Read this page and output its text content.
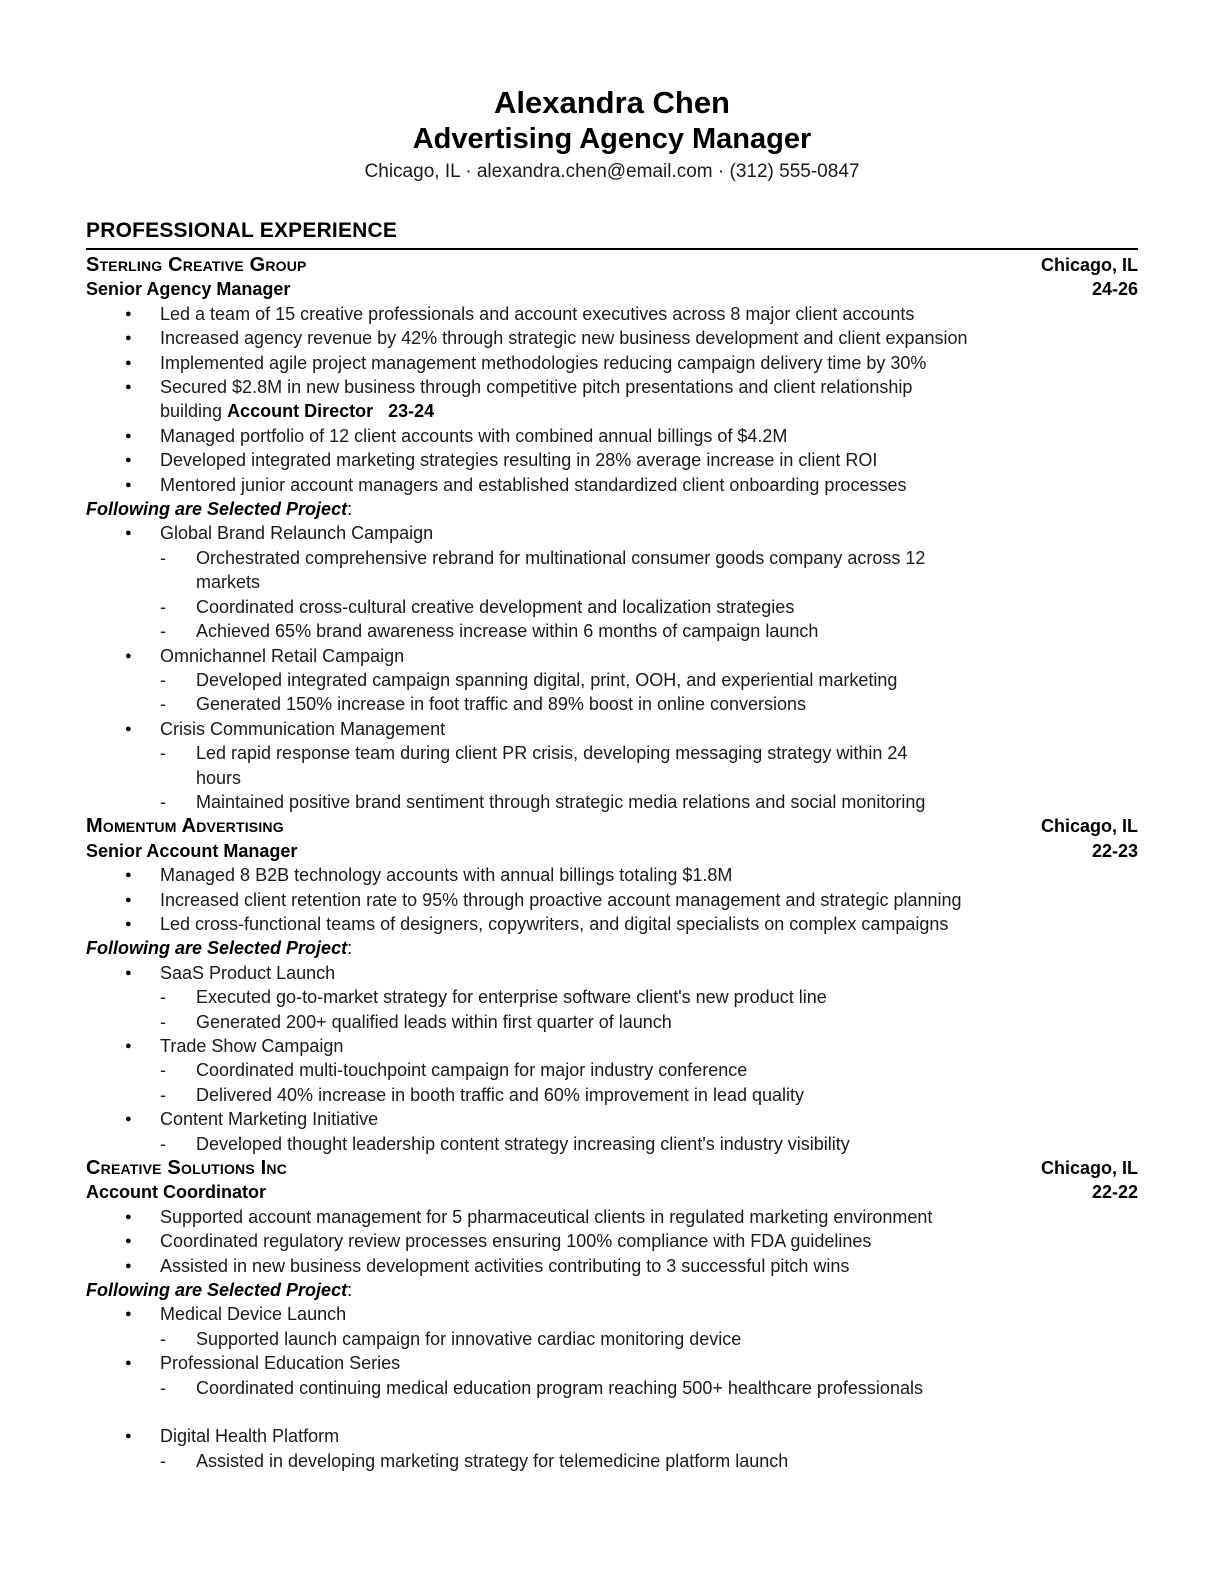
Alexandra Chen
Advertising Agency Manager
Chicago, IL · alexandra.chen@email.com · (312) 555-0847
PROFESSIONAL EXPERIENCE
Sterling Creative Group	Chicago, IL
Senior Agency Manager	24-26
●	Led a team of 15 creative professionals and account executives across 8 major client accounts
●	Increased agency revenue by 42% through strategic new business development and client expansion
●	Implemented agile project management methodologies reducing campaign delivery time by 30%
●	Secured $2.8M in new business through competitive pitch presentations and client relationship
building Account Director 23-24
●	Managed portfolio of 12 client accounts with combined annual billings of $4.2M
●	Developed integrated marketing strategies resulting in 28% average increase in client ROI
●	Mentored junior account managers and established standardized client onboarding processes
Following are Selected Project:
●	Global Brand Relaunch Campaign
-	Orchestrated comprehensive rebrand for multinational consumer goods company across 12
markets
-	Coordinated cross-cultural creative development and localization strategies
-	Achieved 65% brand awareness increase within 6 months of campaign launch
●	Omnichannel Retail Campaign
-	Developed integrated campaign spanning digital, print, OOH, and experiential marketing
-	Generated 150% increase in foot traffic and 89% boost in online conversions
●	Crisis Communication Management
-	Led rapid response team during client PR crisis, developing messaging strategy within 24
hours
-	Maintained positive brand sentiment through strategic media relations and social monitoring
Momentum Advertising	Chicago, IL
Senior Account Manager	22-23
●	Managed 8 B2B technology accounts with annual billings totaling $1.8M
●	Increased client retention rate to 95% through proactive account management and strategic planning
●	Led cross-functional teams of designers, copywriters, and digital specialists on complex campaigns
Following are Selected Project:
●	SaaS Product Launch
-	Executed go-to-market strategy for enterprise software client's new product line
-	Generated 200+ qualified leads within first quarter of launch
●	Trade Show Campaign
-	Coordinated multi-touchpoint campaign for major industry conference
-	Delivered 40% increase in booth traffic and 60% improvement in lead quality
●	Content Marketing Initiative
-	Developed thought leadership content strategy increasing client's industry visibility
Creative Solutions Inc	Chicago, IL
Account Coordinator	22-22
●	Supported account management for 5 pharmaceutical clients in regulated marketing environment
●	Coordinated regulatory review processes ensuring 100% compliance with FDA guidelines
●	Assisted in new business development activities contributing to 3 successful pitch wins
Following are Selected Project:
●	Medical Device Launch
-	Supported launch campaign for innovative cardiac monitoring device
●	Professional Education Series
-	Coordinated continuing medical education program reaching 500+ healthcare professionals
●	Digital Health Platform
-	Assisted in developing marketing strategy for telemedicine platform launch
